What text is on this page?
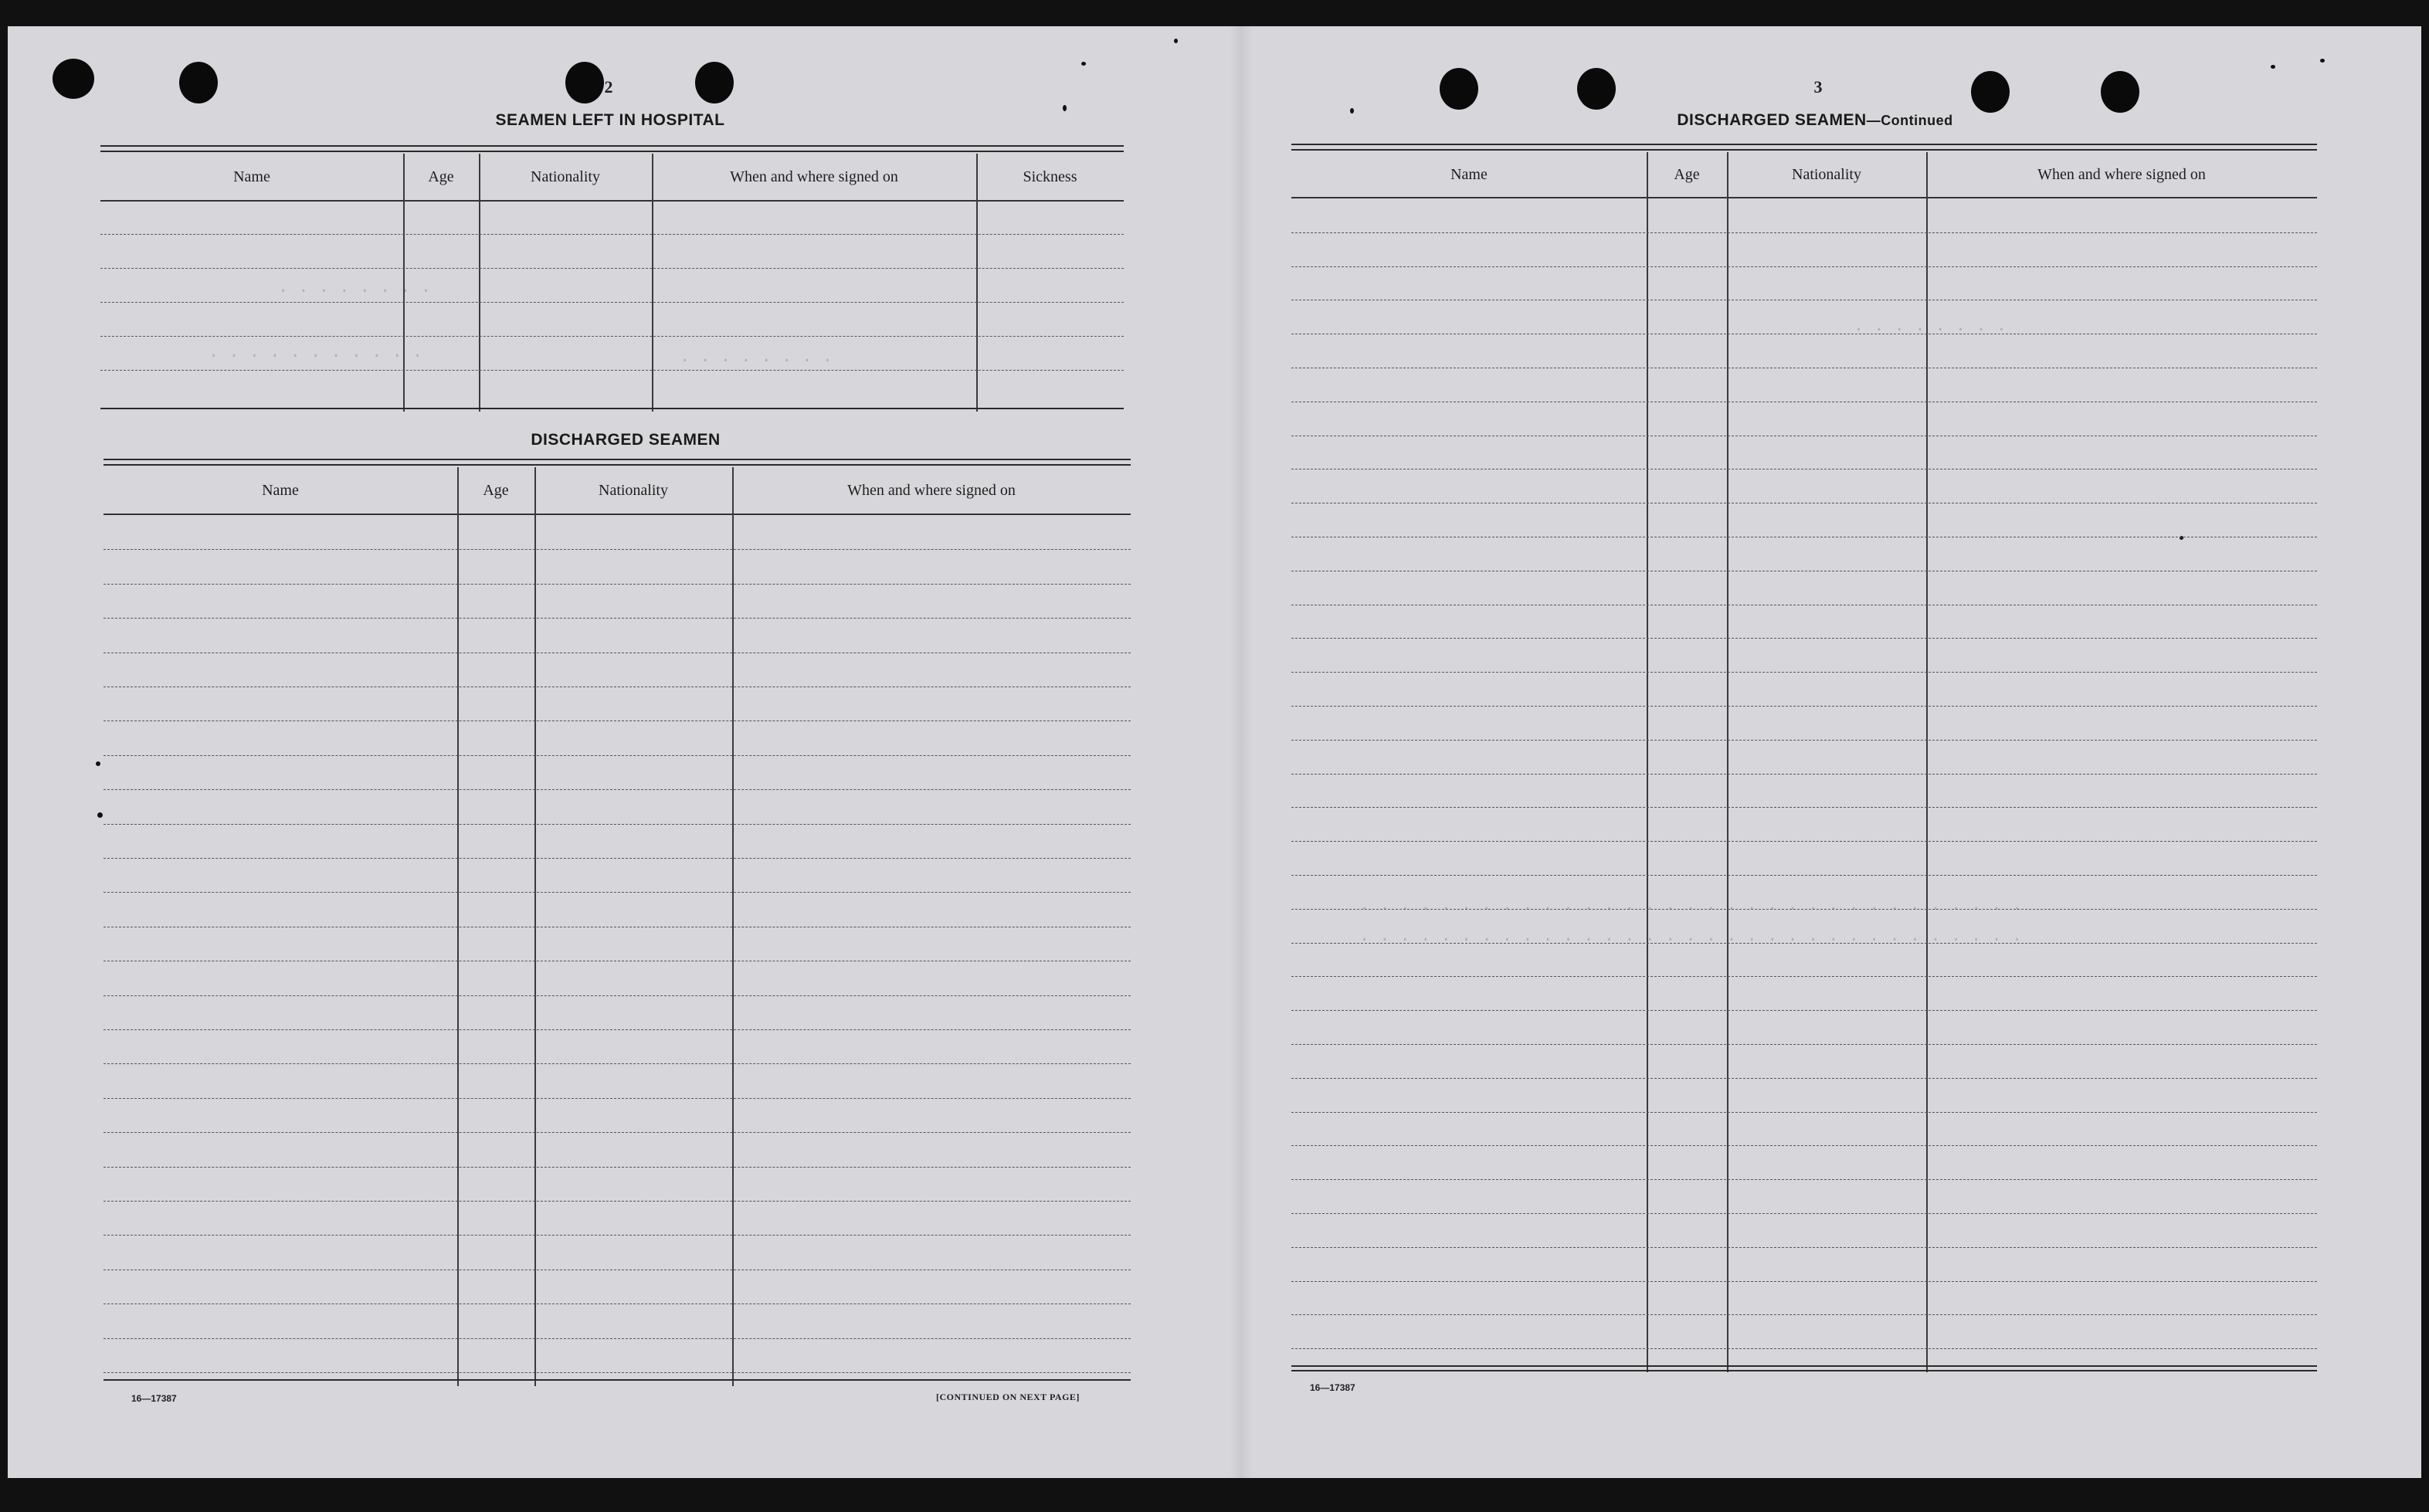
. . . . . . . .
. . . . . . . . . . .	. . . . . . . .
. . . . . . . .
. . . . . . . . . . . . . . . . . . . . . . . . . . . . . . . . .
. . . . . . . . . . . . . . . . . . . . . . . . . . . . . . . . .
2
SEAMEN LEFT IN HOSPITAL
Name	Age	Nationality	When and where signed on	Sickness
DISCHARGED SEAMEN
Name	Age	Nationality	When and where signed on
16—17387	[CONTINUED ON NEXT PAGE]
3
DISCHARGED SEAMEN—Continued
Name	Age	Nationality	When and where signed on
16—17387
